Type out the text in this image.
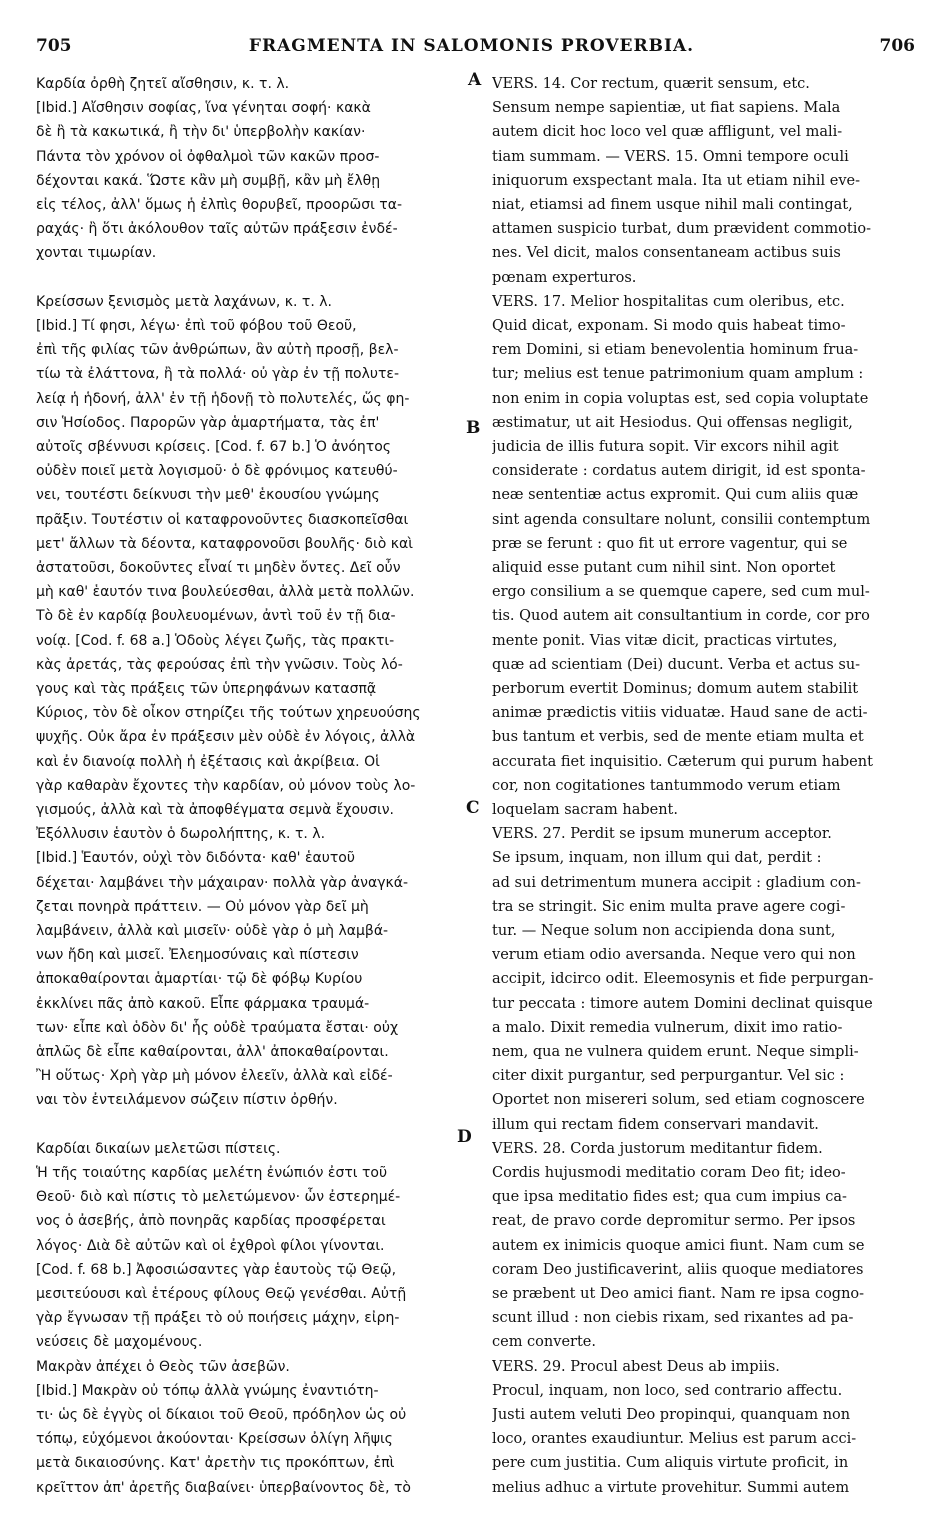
705	FRAGMENTA IN SALOMONIS PROVERBIA.	706
Καρδία ὀρθὴ ζητεῖ αἴσθησιν, κ. τ. λ.
[Ibid.] Αἴσθησιν σοφίας, ἵνα γένηται σοφή· κακὰ
δὲ ἢ τὰ κακωτικά, ἢ τὴν δι' ὑπερβολὴν κακίαν·
Πάντα τὸν χρόνον οἱ ὀφθαλμοὶ τῶν κακῶν προσ-
δέχονται κακά. Ὥστε κἂν μὴ συμβῇ, κἂν μὴ ἔλθῃ
εἰς τέλος, ἀλλ' ὅμως ἡ ἐλπὶς θορυβεῖ, προορῶσι τα-
ραχάς· ἢ ὅτι ἀκόλουθον ταῖς αὐτῶν πράξεσιν ἐνδέ-
χονται τιμωρίαν.
Κρείσσων ξενισμὸς μετὰ λαχάνων, κ. τ. λ.
[Ibid.] Τί φησι, λέγω· ἐπὶ τοῦ φόβου τοῦ Θεοῦ,
ἐπὶ τῆς φιλίας τῶν ἀνθρώπων, ἂν αὐτὴ προσῇ, βελ-
τίω τὰ ἐλάττονα, ἢ τὰ πολλά· οὐ γὰρ ἐν τῇ πολυτε-
λείᾳ ἡ ἡδονή, ἀλλ' ἐν τῇ ἡδονῇ τὸ πολυτελές, ὥς φη-
σιν Ἡσίοδος. Παρορῶν γὰρ ἁμαρτήματα, τὰς ἐπ'
αὐτοῖς σβέννυσι κρίσεις. [Cod. f. 67 b.] Ὁ ἀνόητος
οὐδὲν ποιεῖ μετὰ λογισμοῦ· ὁ δὲ φρόνιμος κατευθύ-
νει, τουτέστι δείκνυσι τὴν μεθ' ἑκουσίου γνώμης
πρᾶξιν. Τουτέστιν οἱ καταφρονοῦντες διασκοπεῖσθαι
μετ' ἄλλων τὰ δέοντα, καταφρονοῦσι βουλῆς· διὸ καὶ
ἀστατοῦσι, δοκοῦντες εἶναί τι μηδὲν ὄντες. Δεῖ οὖν
μὴ καθ' ἑαυτόν τινα βουλεύεσθαι, ἀλλὰ μετὰ πολλῶν.
Τὸ δὲ ἐν καρδίᾳ βουλευομένων, ἀντὶ τοῦ ἐν τῇ δια-
νοίᾳ. [Cod. f. 68 a.] Ὁδοὺς λέγει ζωῆς, τὰς πρακτι-
κὰς ἀρετάς, τὰς φερούσας ἐπὶ τὴν γνῶσιν. Τοὺς λό-
γους καὶ τὰς πράξεις τῶν ὑπερηφάνων κατασπᾷ
Κύριος, τὸν δὲ οἶκον στηρίζει τῆς τούτων χηρευούσης
ψυχῆς. Οὐκ ἄρα ἐν πράξεσιν μὲν οὐδὲ ἐν λόγοις, ἀλλὰ
καὶ ἐν διανοίᾳ πολλὴ ἡ ἐξέτασις καὶ ἀκρίβεια. Οἱ
γὰρ καθαρὰν ἔχοντες τὴν καρδίαν, οὐ μόνον τοὺς λο-
γισμούς, ἀλλὰ καὶ τὰ ἀποφθέγματα σεμνὰ ἔχουσιν.
Ἐξόλλυσιν ἑαυτὸν ὁ δωρολήπτης, κ. τ. λ.
[Ibid.] Ἑαυτόν, οὐχὶ τὸν διδόντα· καθ' ἑαυτοῦ
δέχεται· λαμβάνει τὴν μάχαιραν· πολλὰ γὰρ ἀναγκά-
ζεται πονηρὰ πράττειν. — Οὐ μόνον γὰρ δεῖ μὴ
λαμβάνειν, ἀλλὰ καὶ μισεῖν· οὐδὲ γὰρ ὁ μὴ λαμβά-
νων ἤδη καὶ μισεῖ. Ἐλεημοσύναις καὶ πίστεσιν
ἀποκαθαίρονται ἁμαρτίαι· τῷ δὲ φόβῳ Κυρίου
ἐκκλίνει πᾶς ἀπὸ κακοῦ. Εἶπε φάρμακα τραυμά-
των· εἶπε καὶ ὁδὸν δι' ἧς οὐδὲ τραύματα ἔσται· οὐχ
ἁπλῶς δὲ εἶπε καθαίρονται, ἀλλ' ἀποκαθαίρονται.
Ἢ οὕτως· Χρὴ γὰρ μὴ μόνον ἐλεεῖν, ἀλλὰ καὶ εἰδέ-
ναι τὸν ἐντειλάμενον σώζειν πίστιν ὀρθήν.
Καρδίαι δικαίων μελετῶσι πίστεις.
Ἡ τῆς τοιαύτης καρδίας μελέτη ἐνώπιόν ἐστι τοῦ
Θεοῦ· διὸ καὶ πίστις τὸ μελετώμενον· ὧν ἐστερημέ-
νος ὁ ἀσεβής, ἀπὸ πονηρᾶς καρδίας προσφέρεται
λόγος· Διὰ δὲ αὐτῶν καὶ οἱ ἐχθροὶ φίλοι γίνονται.
[Cod. f. 68 b.] Ἀφοσιώσαντες γὰρ ἑαυτοὺς τῷ Θεῷ,
μεσιτεύουσι καὶ ἑτέρους φίλους Θεῷ γενέσθαι. Αὐτῇ
γὰρ ἔγνωσαν τῇ πράξει τὸ οὐ ποιήσεις μάχην, εἰρη-
νεύσεις δὲ μαχομένους.
Μακρὰν ἀπέχει ὁ Θεὸς τῶν ἀσεβῶν.
[Ibid.] Μακρὰν οὐ τόπῳ ἀλλὰ γνώμης ἐναντιότη-
τι· ὡς δὲ ἐγγὺς οἱ δίκαιοι τοῦ Θεοῦ, πρόδηλον ὡς οὐ
τόπῳ, εὐχόμενοι ἀκούονται· Κρείσσων ὀλίγη λῆψις
μετὰ δικαιοσύνης. Κατ' ἀρετὴν τις προκόπτων, ἐπὶ
κρεῖττον ἀπ' ἀρετῆς διαβαίνει· ὑπερβαίνοντος δὲ, τὸ
VERS. 14. Cor rectum, quærit sensum, etc.
Sensum nempe sapientiæ, ut fiat sapiens. Mala
autem dicit hoc loco vel quæ affligunt, vel mali-
tiam summam. — VERS. 15. Omni tempore oculi
iniquorum exspectant mala. Ita ut etiam nihil eve-
niat, etiamsi ad finem usque nihil mali contingat,
attamen suspicio turbat, dum prævident commotio-
nes. Vel dicit, malos consentaneam actibus suis
pœnam experturos.
VERS. 17. Melior hospitalitas cum oleribus, etc.
Quid dicat, exponam. Si modo quis habeat timo-
rem Domini, si etiam benevolentia hominum frua-
tur; melius est tenue patrimonium quam amplum :
non enim in copia voluptas est, sed copia voluptate
æstimatur, ut ait Hesiodus. Qui offensas negligit,
judicia de illis futura sopit. Vir excors nihil agit
considerate : cordatus autem dirigit, id est sponta-
neæ sententiæ actus expromit. Qui cum aliis quæ
sint agenda consultare nolunt, consilii contemptum
præ se ferunt : quo fit ut errore vagentur, qui se
aliquid esse putant cum nihil sint. Non oportet
ergo consilium a se quemque capere, sed cum mul-
tis. Quod autem ait consultantium in corde, cor pro
mente ponit. Vias vitæ dicit, practicas virtutes,
quæ ad scientiam (Dei) ducunt. Verba et actus su-
perborum evertit Dominus; domum autem stabilit
animæ prædictis vitiis viduatæ. Haud sane de acti-
bus tantum et verbis, sed de mente etiam multa et
accurata fiet inquisitio. Cæterum qui purum habent
cor, non cogitationes tantummodo verum etiam
loquelam sacram habent.
VERS. 27. Perdit se ipsum munerum acceptor.
Se ipsum, inquam, non illum qui dat, perdit :
ad sui detrimentum munera accipit : gladium con-
tra se stringit. Sic enim multa prave agere cogi-
tur. — Neque solum non accipienda dona sunt,
verum etiam odio aversanda. Neque vero qui non
accipit, idcirco odit. Eleemosynis et fide perpurgan-
tur peccata : timore autem Domini declinat quisque
a malo. Dixit remedia vulnerum, dixit imo ratio-
nem, qua ne vulnera quidem erunt. Neque simpli-
citer dixit purgantur, sed perpurgantur. Vel sic :
Oportet non misereri solum, sed etiam cognoscere
illum qui rectam fidem conservari mandavit.
VERS. 28. Corda justorum meditantur fidem.
Cordis hujusmodi meditatio coram Deo fit; ideo-
que ipsa meditatio fides est; qua cum impius ca-
reat, de pravo corde depromitur sermo. Per ipsos
autem ex inimicis quoque amici fiunt. Nam cum se
coram Deo justificaverint, aliis quoque mediatores
se præbent ut Deo amici fiant. Nam re ipsa cogno-
scunt illud : non ciebis rixam, sed rixantes ad pa-
cem converte.
VERS. 29. Procul abest Deus ab impiis.
Procul, inquam, non loco, sed contrario affectu.
Justi autem veluti Deo propinqui, quanquam non
loco, orantes exaudiuntur. Melius est parum acci-
pere cum justitia. Cum aliquis virtute proficit, in
melius adhuc a virtute provehitur. Summi autem
A
B
C
D
